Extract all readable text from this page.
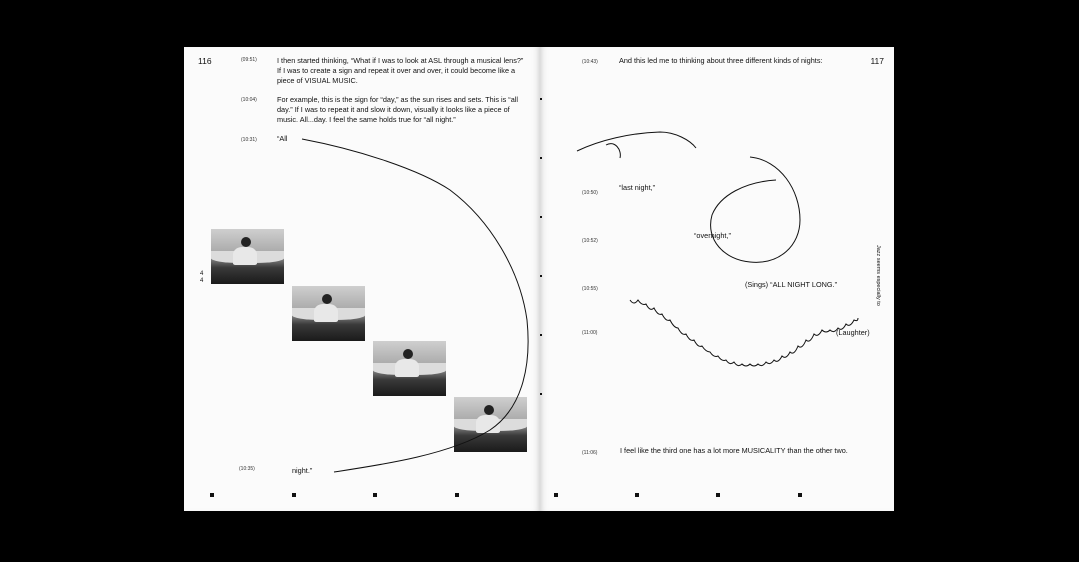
116	(09:51)	I then started thinking, “What if I was to look at ASL through a musical lens?” If I was to create a sign and repeat it over and over, it could become like a piece of VISUAL MUSIC.
(10:04)	For example, this is the sign for “day,” as the sun rises and sets. This is “all day.” If I was to repeat it and slow it down, visually it looks like a piece of music. All...day. I feel the same holds true for “all night.”
(10:31)	“All
(10:35)	night.”
4
4
117
Jazz seems especially to
(10:43)	And this led me to thinking about three different kinds of nights:
(10:50)
“last night,”
(10:52)
“overnight,”
(10:55)	(Sings) “ALL NIGHT LONG.”
(11:00)	(Laughter)
(11:06)	I feel like the third one has a lot more MUSICALITY than the other two.
